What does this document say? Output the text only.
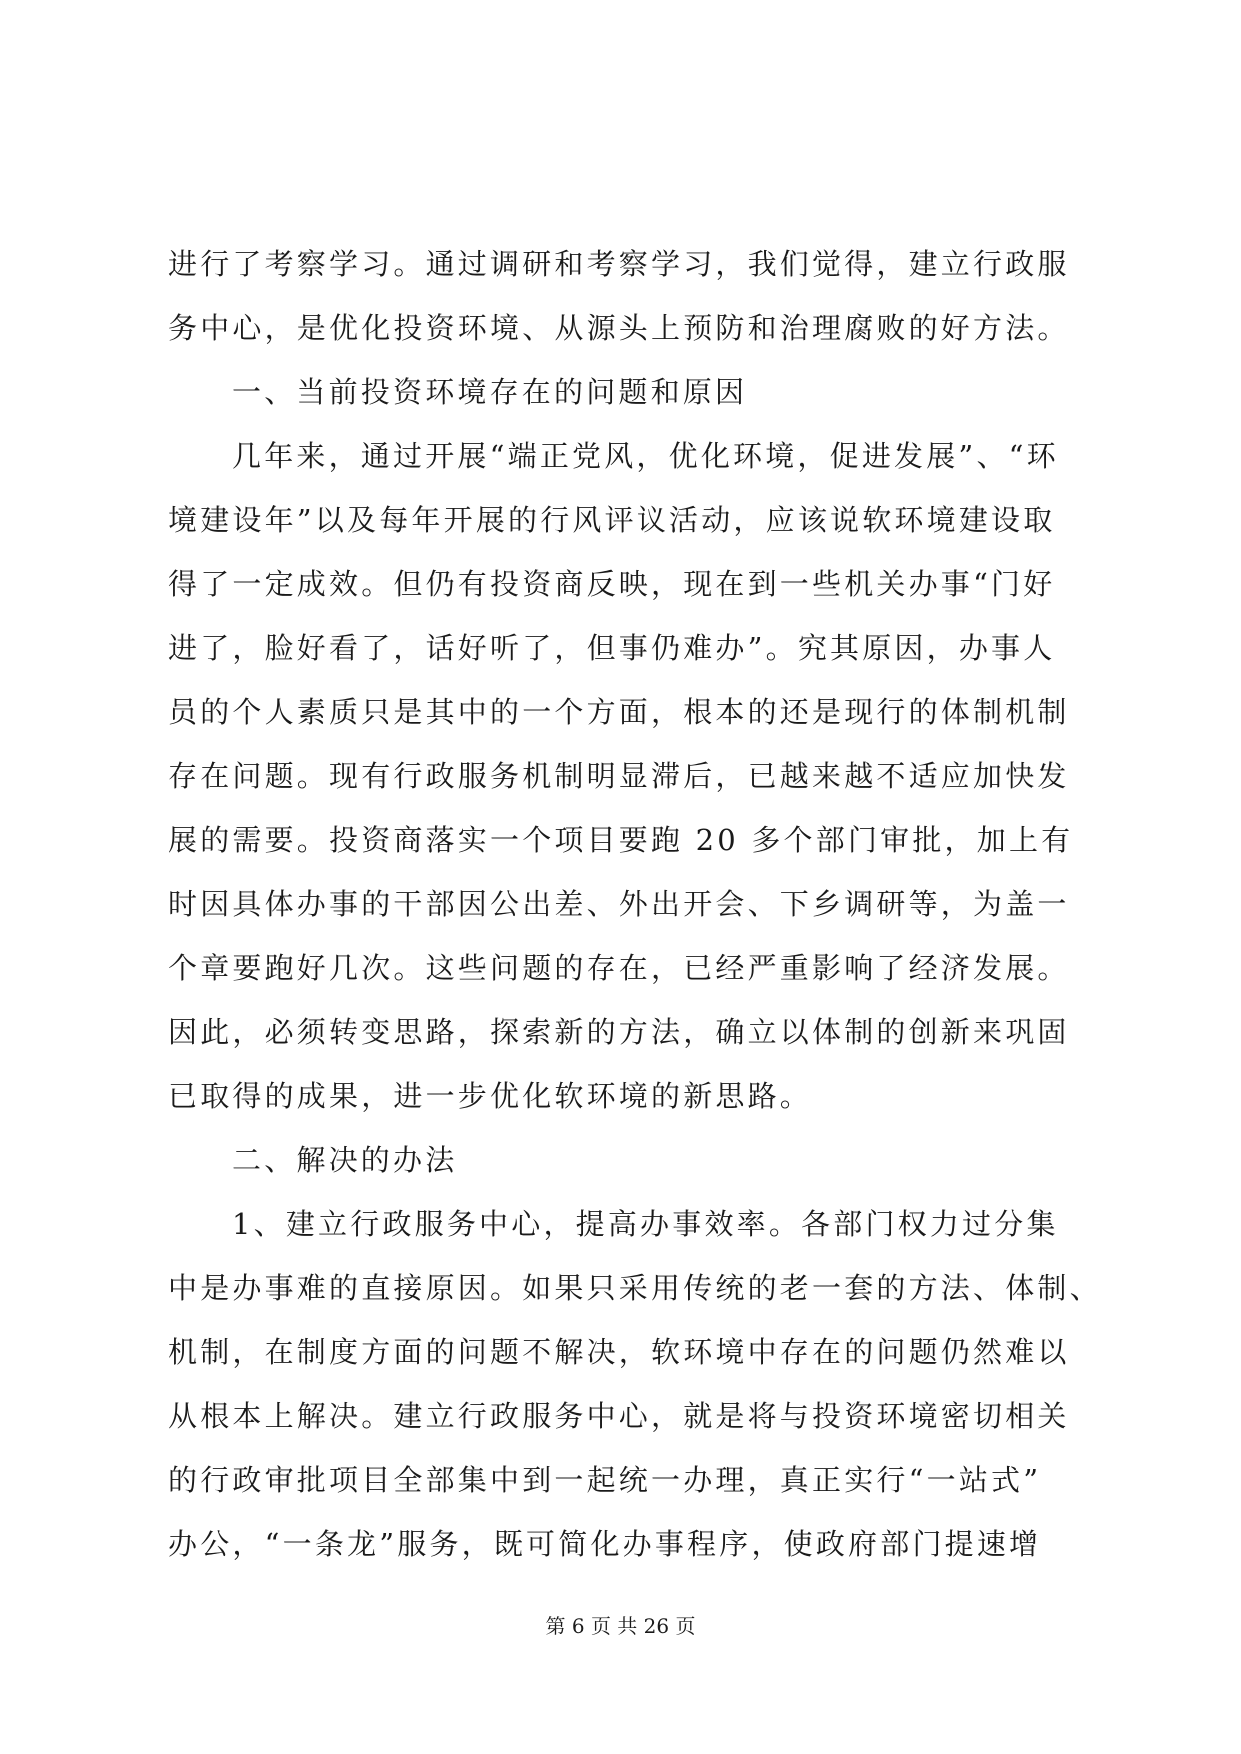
进行了考察学习。通过调研和考察学习，我们觉得，建立行政服
务中心，是优化投资环境、从源头上预防和治理腐败的好方法。
一、当前投资环境存在的问题和原因
几年来，通过开展“端正党风，优化环境，促进发展”、“环
境建设年”以及每年开展的行风评议活动，应该说软环境建设取
得了一定成效。但仍有投资商反映，现在到一些机关办事“门好
进了，脸好看了，话好听了，但事仍难办”。究其原因，办事人
员的个人素质只是其中的一个方面，根本的还是现行的体制机制
存在问题。现有行政服务机制明显滞后，已越来越不适应加快发
展的需要。投资商落实一个项目要跑 20 多个部门审批，加上有
时因具体办事的干部因公出差、外出开会、下乡调研等，为盖一
个章要跑好几次。这些问题的存在，已经严重影响了经济发展。
因此，必须转变思路，探索新的方法，确立以体制的创新来巩固
已取得的成果，进一步优化软环境的新思路。
二、解决的办法
1、建立行政服务中心，提高办事效率。各部门权力过分集
中是办事难的直接原因。如果只采用传统的老一套的方法、体制、
机制，在制度方面的问题不解决，软环境中存在的问题仍然难以
从根本上解决。建立行政服务中心，就是将与投资环境密切相关
的行政审批项目全部集中到一起统一办理，真正实行“一站式”
办公，“一条龙”服务，既可简化办事程序，使政府部门提速增
第 6 页 共 26 页
